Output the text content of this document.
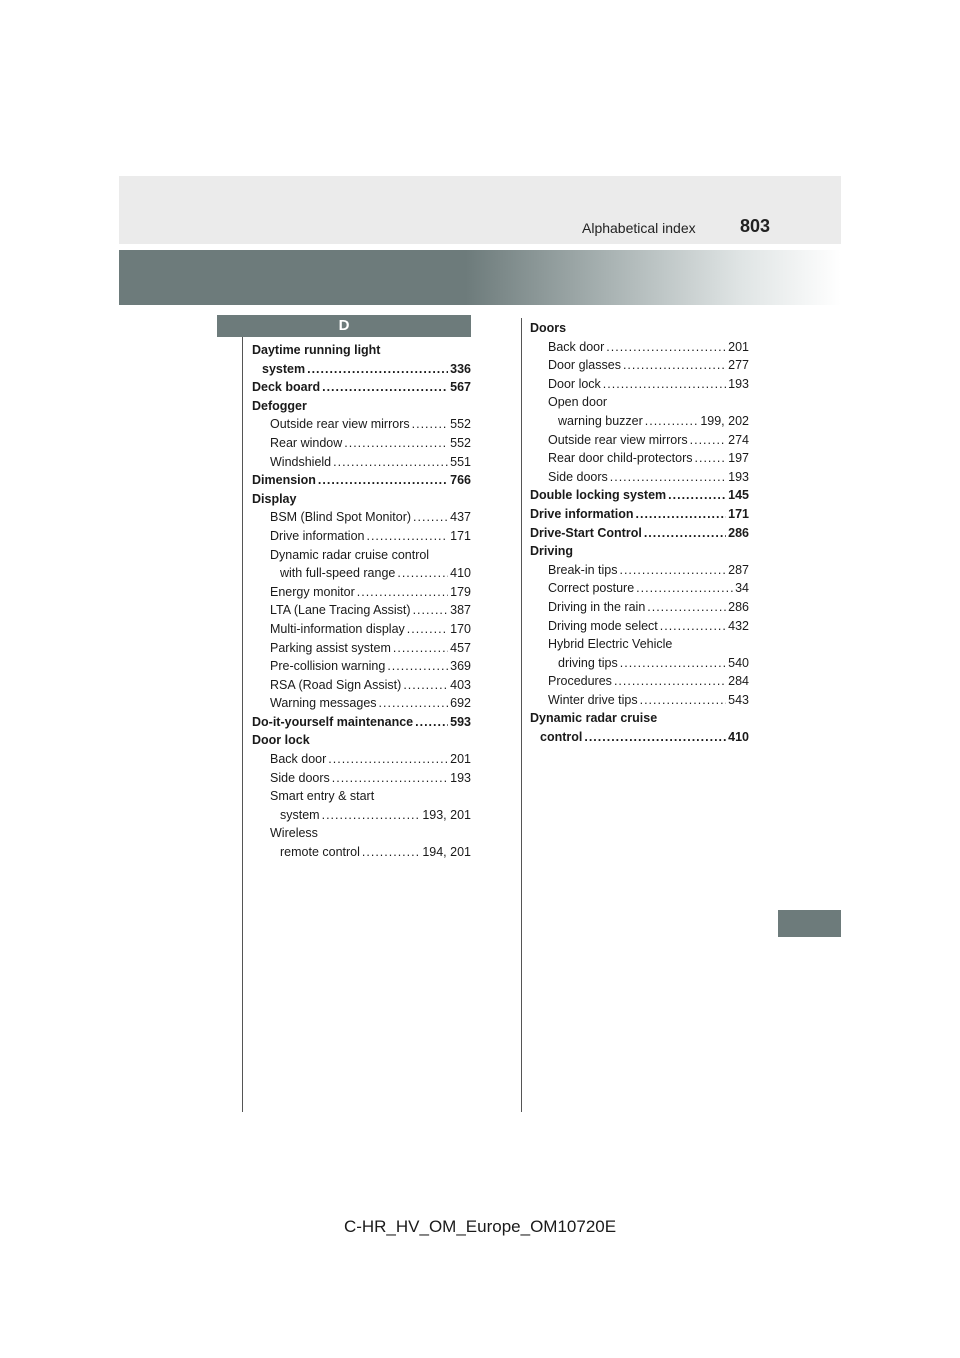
Alphabetical index 803
D
Daytime running light
system .....	336
Deck board .....	567
Defogger
Outside rear view mirrors .....	552
Rear window .....	552
Windshield .....	551
Dimension .....	766
Display
BSM (Blind Spot Monitor) .....	437
Drive information .....	171
Dynamic radar cruise control
with full-speed range .....	410
Energy monitor .....	179
LTA (Lane Tracing Assist) .....	387
Multi-information display .....	170
Parking assist system .....	457
Pre-collision warning .....	369
RSA (Road Sign Assist) .....	403
Warning messages .....	692
Do-it-yourself maintenance .....	593
Door lock
Back door .....	201
Side doors .....	193
Smart entry & start
system .....	193, 201
Wireless
remote control .....	194, 201
Doors
Back door .....	201
Door glasses .....	277
Door lock .....	193
Open door
warning buzzer .....	199, 202
Outside rear view mirrors .....	274
Rear door child-protectors .....	197
Side doors .....	193
Double locking system .....	145
Drive information .....	171
Drive-Start Control .....	286
Driving
Break-in tips .....	287
Correct posture .....	34
Driving in the rain .....	286
Driving mode select .....	432
Hybrid Electric Vehicle
driving tips .....	540
Procedures .....	284
Winter drive tips .....	543
Dynamic radar cruise
control .....	410
C-HR_HV_OM_Europe_OM10720E
